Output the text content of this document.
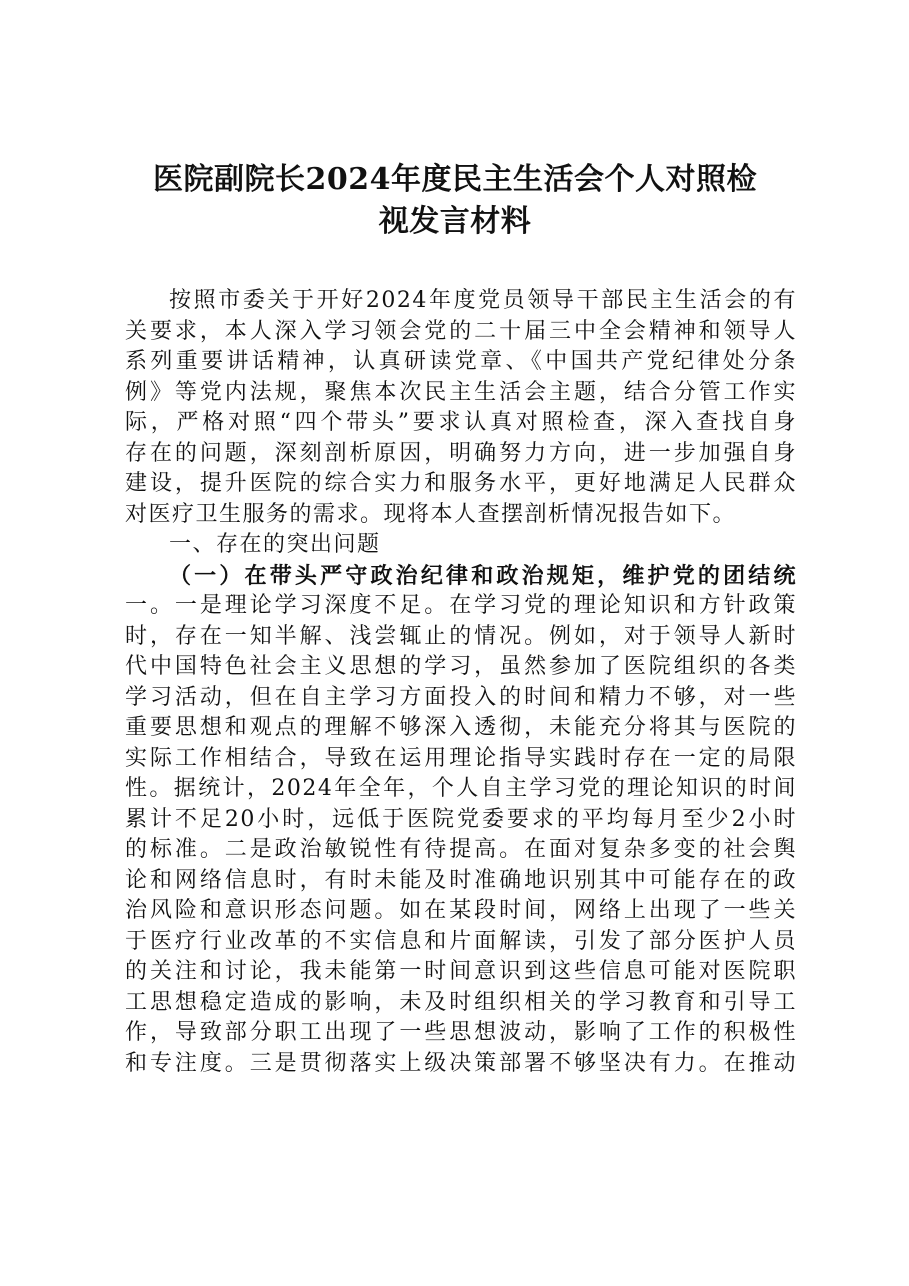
医院副院长2024年度民主生活会个人对照检
视发言材料
按照市委关于开好2024年度党员领导干部民主生活会的有
关要求，本人深入学习领会党的二十届三中全会精神和领导人
系列重要讲话精神，认真研读党章、《中国共产党纪律处分条
例》等党内法规，聚焦本次民主生活会主题，结合分管工作实
际，严格对照“四个带头”要求认真对照检查，深入查找自身
存在的问题，深刻剖析原因，明确努力方向，进一步加强自身
建设，提升医院的综合实力和服务水平，更好地满足人民群众
对医疗卫生服务的需求。现将本人查摆剖析情况报告如下。
一、存在的突出问题
（一）在带头严守政治纪律和政治规矩，维护党的团结统
一。一是理论学习深度不足。在学习党的理论知识和方针政策
时，存在一知半解、浅尝辄止的情况。例如，对于领导人新时
代中国特色社会主义思想的学习，虽然参加了医院组织的各类
学习活动，但在自主学习方面投入的时间和精力不够，对一些
重要思想和观点的理解不够深入透彻，未能充分将其与医院的
实际工作相结合，导致在运用理论指导实践时存在一定的局限
性。据统计，2024年全年，个人自主学习党的理论知识的时间
累计不足20小时，远低于医院党委要求的平均每月至少2小时
的标准。二是政治敏锐性有待提高。在面对复杂多变的社会舆
论和网络信息时，有时未能及时准确地识别其中可能存在的政
治风险和意识形态问题。如在某段时间，网络上出现了一些关
于医疗行业改革的不实信息和片面解读，引发了部分医护人员
的关注和讨论，我未能第一时间意识到这些信息可能对医院职
工思想稳定造成的影响，未及时组织相关的学习教育和引导工
作，导致部分职工出现了一些思想波动，影响了工作的积极性
和专注度。三是贯彻落实上级决策部署不够坚决有力。在推动
